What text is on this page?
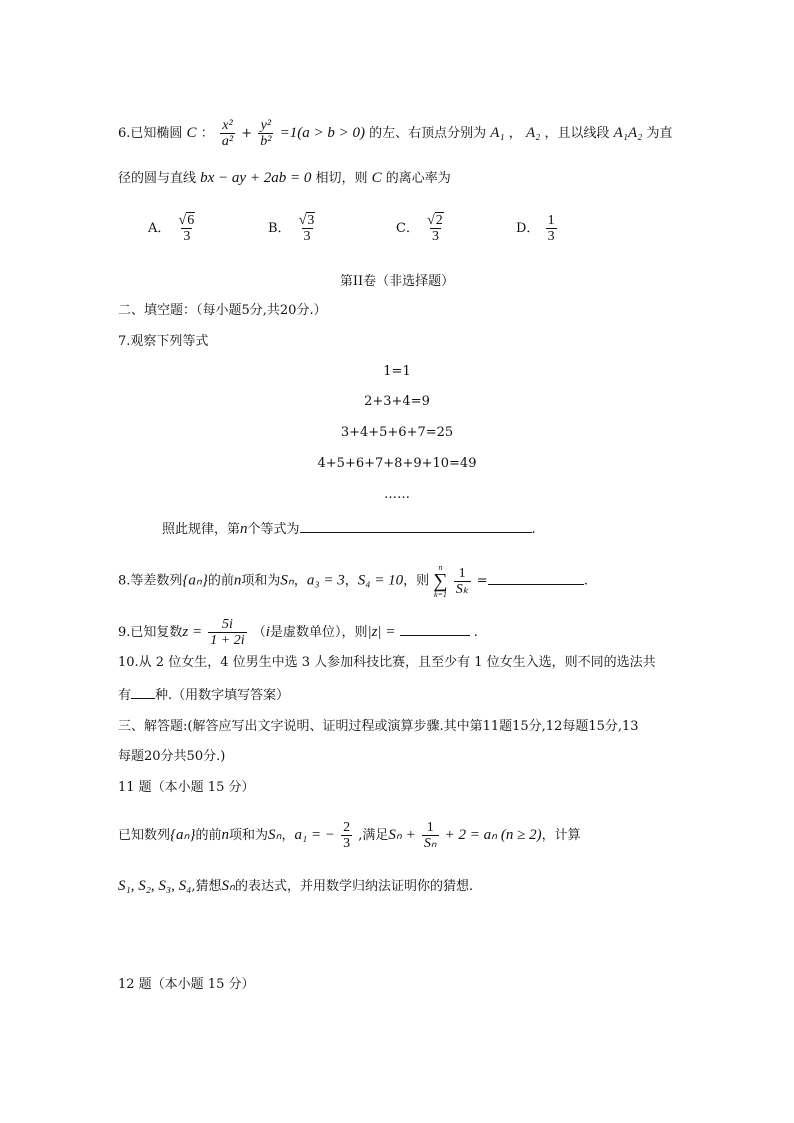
6.已知椭圆 C ： $\frac{\text{x²}}{\text{a²}} + \frac{\text{y²}}{\text{b²}} =1(a > b > 0)$ 的左、右顶点分别为 A₁ ， A₂ ，且以线段 A₁A₂ 为直
径的圆与直线 bx − ay + 2ab = 0 相切，则 C 的离心率为
A． $\frac{√6}{3}$	B． $\frac{√3}{3}$	C． $\frac{√2}{3}$	D． $\frac{1}{3}$
第II卷（非选择题）
二、填空题：（每小题5分,共20分.）
7.观察下列等式
1=1
2+3+4=9
3+4+5+6+7=25
4+5+6+7+8+9+10=49
……
照此规律，第n个等式为	.
8.等差数列{aₙ}的前n项和为Sₙ，a₃ = 3，S₄ = 10，则
n
∑
k=1
$\frac{1}{\text{Sₖ}}$ =	.
9.已知复数$z = \frac{5i}{1 + 2i} (i$是虚数单位），则|z| =	.
10.从 2 位女生，4 位男生中选 3 人参加科技比赛，且至少有 1 位女生入选，则不同的选法共
有 种.（用数字填写答案）
三、解答题:(解答应写出文字说明、证明过程或演算步骤.其中第11题15分,12每题15分,13
每题20分共50分.)
11 题（本小题 15 分）
已知数列{aₙ}的前n项和为Sₙ，a₁ = − $\frac{2}{3}$ ,满足$S_n + \frac{1}{\text{Sₙ}} + 2 = a_n$ (n ≥ 2)，计算
S₁, S₂, S₃, S₄,猜想Sₙ的表达式，并用数学归纳法证明你的猜想.
12 题（本小题 15 分）
